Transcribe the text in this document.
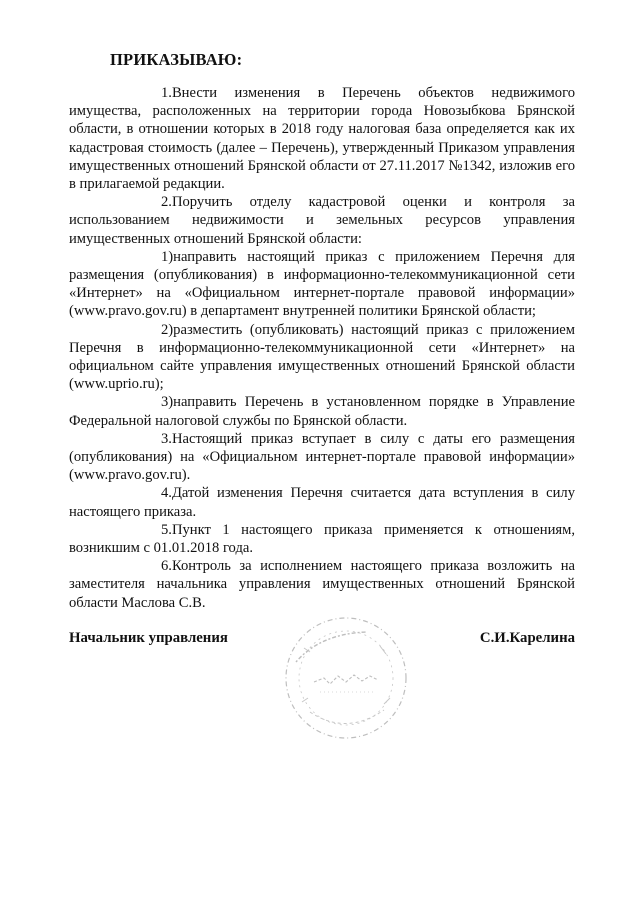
ПРИКАЗЫВАЮ:

1.Внести изменения в Перечень объектов недвижимого имущества, расположенных на территории города Новозыбкова Брянской области, в отношении которых в 2018 году налоговая база определяется как их кадастровая стоимость (далее – Перечень), утвержденный Приказом управления имущественных отношений Брянской области от 27.11.2017 №1342, изложив его в прилагаемой редакции.

2.Поручить отделу кадастровой оценки и контроля за использованием недвижимости и земельных ресурсов управления имущественных отношений Брянской области:

1)направить настоящий приказ с приложением Перечня для размещения (опубликования) в информационно-телекоммуникационной сети «Интернет» на «Официальном интернет-портале правовой информации» (www.pravo.gov.ru) в департамент внутренней политики Брянской области;

2)разместить (опубликовать) настоящий приказ с приложением Перечня в информационно-телекоммуникационной сети «Интернет» на официальном сайте управления имущественных отношений Брянской области (www.uprio.ru);

3)направить Перечень в установленном порядке в Управление Федеральной налоговой службы по Брянской области.

3.Настоящий приказ вступает в силу с даты его размещения (опубликования) на «Официальном интернет-портале правовой информации» (www.pravo.gov.ru).

4.Датой изменения Перечня считается дата вступления в силу настоящего приказа.

5.Пункт 1 настоящего приказа применяется к отношениям, возникшим с 01.01.2018 года.

6.Контроль за исполнением настоящего приказа возложить на заместителя начальника управления имущественных отношений Брянской области Маслова С.В.

Начальник управления	С.И.Карелина
